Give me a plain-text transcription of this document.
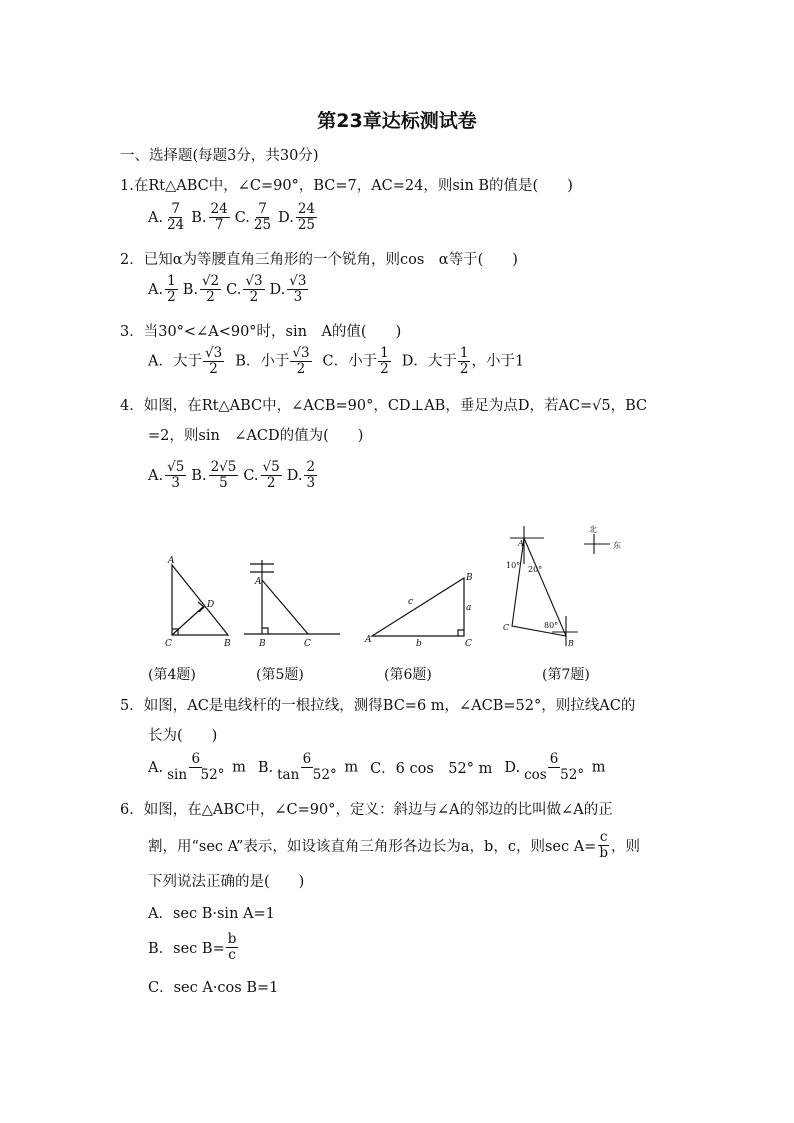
第23章达标测试卷
一、选择题(每题3分，共30分)
1.在Rt△ABC中，∠C=90°，BC=7，AC=24，则sin B的值是(　　)
A. $\frac{7}{24} B$. $\frac{24}{7} C$. $\frac{7}{25} D$. $\frac{24}{25}$
2．已知α为等腰直角三角形的一个锐角，则cos　α等于(　　)
A. $\frac{1}{2} B$. $\frac{√2}{2} C$. $\frac{√3}{2} D$. $\frac{√3}{3}$
3．当30°<∠A<90°时，sin　A的值(　　)
A．大于 $\frac{√3}{2}$ B．小于 $\frac{√3}{2}$ C．小于 $\frac{1}{2}$ D．大于 $\frac{1}{2}$ ，小于1
4．如图，在Rt△ABC中，∠ACB=90°，CD⊥AB，垂足为点D，若AC=√5，BC
=2，则sin　∠ACD的值为(　　)
A. $\frac{√5}{3} B$. $\frac{2√5}{5} C$. $\frac{√5}{2} D$. $\frac{2}{3}$
A
C	B
D
A
B	C	A
B
C
a
b
c
A
B
C
10° 20°
80°
北
东
(第4题)	(第5题)	(第6题)	(第7题)
5．如图，AC是电线杆的一根拉线，测得BC=6 m，∠ACB=52°，则拉线AC的
长为(　　)
A. $\frac{6}{\sin 52^\circ}$ m B. $\frac{6}{\tan 52^\circ}$ m C．6 cos　52° m D. $\frac{6}{\cos 52^\circ}$ m
6．如图，在△ABC中，∠C=90°，定义：斜边与∠A的邻边的比叫做∠A的正
割，用“sec A”表示，如设该直角三角形各边长为a，b，c，则$\sec A= \frac{c}{b}$ ，则
下列说法正确的是(　　)
A．sec B·sin A=1
B．$\sec B= \frac{b}{c}$
C．sec A·cos B=1
